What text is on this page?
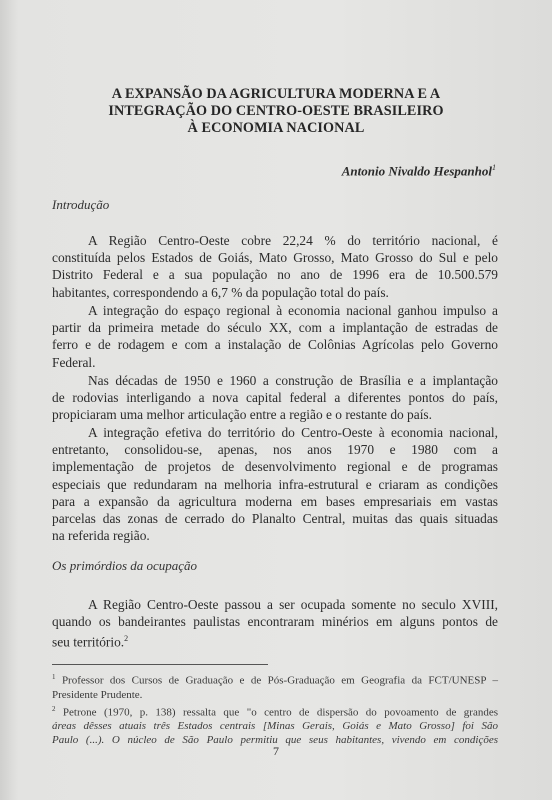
A EXPANSÃO DA AGRICULTURA MODERNA E A
INTEGRAÇÃO DO CENTRO-OESTE BRASILEIRO
À ECONOMIA NACIONAL
Antonio Nivaldo Hespanhol$^1$
Introdução
A Região Centro-Oeste cobre 22,24 % do território nacional, é
constituída pelos Estados de Goiás, Mato Grosso, Mato Grosso do Sul e pelo
Distrito Federal e a sua população no ano de 1996 era de 10.500.579
habitantes, correspondendo a 6,7 % da população total do país.
A integração do espaço regional à economia nacional ganhou impulso a
partir da primeira metade do século XX, com a implantação de estradas de
ferro e de rodagem e com a instalação de Colônias Agrícolas pelo Governo
Federal.
Nas décadas de 1950 e 1960 a construção de Brasília e a implantação
de rodovias interligando a nova capital federal a diferentes pontos do país,
propiciaram uma melhor articulação entre a região e o restante do país.
A integração efetiva do território do Centro-Oeste à economia nacional,
entretanto, consolidou-se, apenas, nos anos 1970 e 1980 com a
implementação de projetos de desenvolvimento regional e de programas
especiais que redundaram na melhoria infra-estrutural e criaram as condições
para a expansão da agricultura moderna em bases empresariais em vastas
parcelas das zonas de cerrado do Planalto Central, muitas das quais situadas
na referida região.
Os primórdios da ocupação
A Região Centro-Oeste passou a ser ocupada somente no seculo XVIII,
quando os bandeirantes paulistas encontraram minérios em alguns pontos de
seu território.$^2$
$^1$ Professor dos Cursos de Graduação e de Pós-Graduação em Geografia da FCT/UNESP –
Presidente Prudente.
$^2$ Petrone (1970, p. 138) ressalta que "o centro de dispersão do povoamento de grandes
áreas dêsses atuais três Estados centrais [Minas Gerais, Goiás e Mato Grosso] foi São
Paulo (...). O núcleo de São Paulo permitiu que seus habitantes, vivendo em condições
7
